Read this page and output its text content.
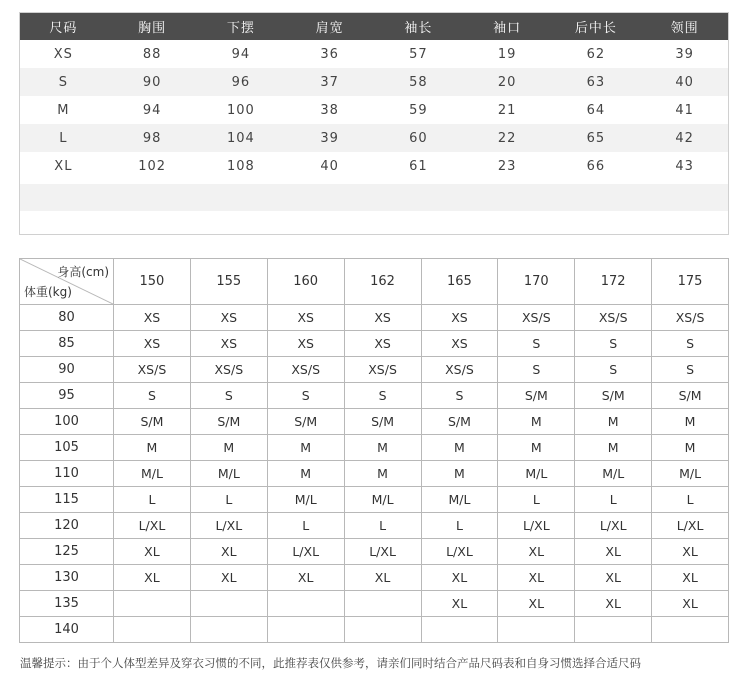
尺码	胸围	下摆	肩宽	袖长	袖口	后中长	领围
XS	88	94	36	57	19	62	39
S	90	96	37	58	20	63	40
M	94	100	38	59	21	64	41
L	98	104	39	60	22	65	42
XL	102	108	40	61	23	66	43
身高(cm)
体重(kg)	150	155	160	162	165	170	172	175
80	XS	XS	XS	XS	XS	XS/S	XS/S	XS/S
85	XS	XS	XS	XS	XS	S	S	S
90	XS/S	XS/S	XS/S	XS/S	XS/S	S	S	S
95	S	S	S	S	S	S/M	S/M	S/M
100	S/M	S/M	S/M	S/M	S/M	M	M	M
105	M	M	M	M	M	M	M	M
110	M/L	M/L	M	M	M	M/L	M/L	M/L
115	L	L	M/L	M/L	M/L	L	L	L
120	L/XL	L/XL	L	L	L	L/XL	L/XL	L/XL
125	XL	XL	L/XL	L/XL	L/XL	XL	XL	XL
130	XL	XL	XL	XL	XL	XL	XL	XL
135					XL	XL	XL	XL
140								
温馨提示：由于个人体型差异及穿衣习惯的不同，此推荐表仅供参考，请亲们同时结合产品尺码表和自身习惯选择合适尺码
